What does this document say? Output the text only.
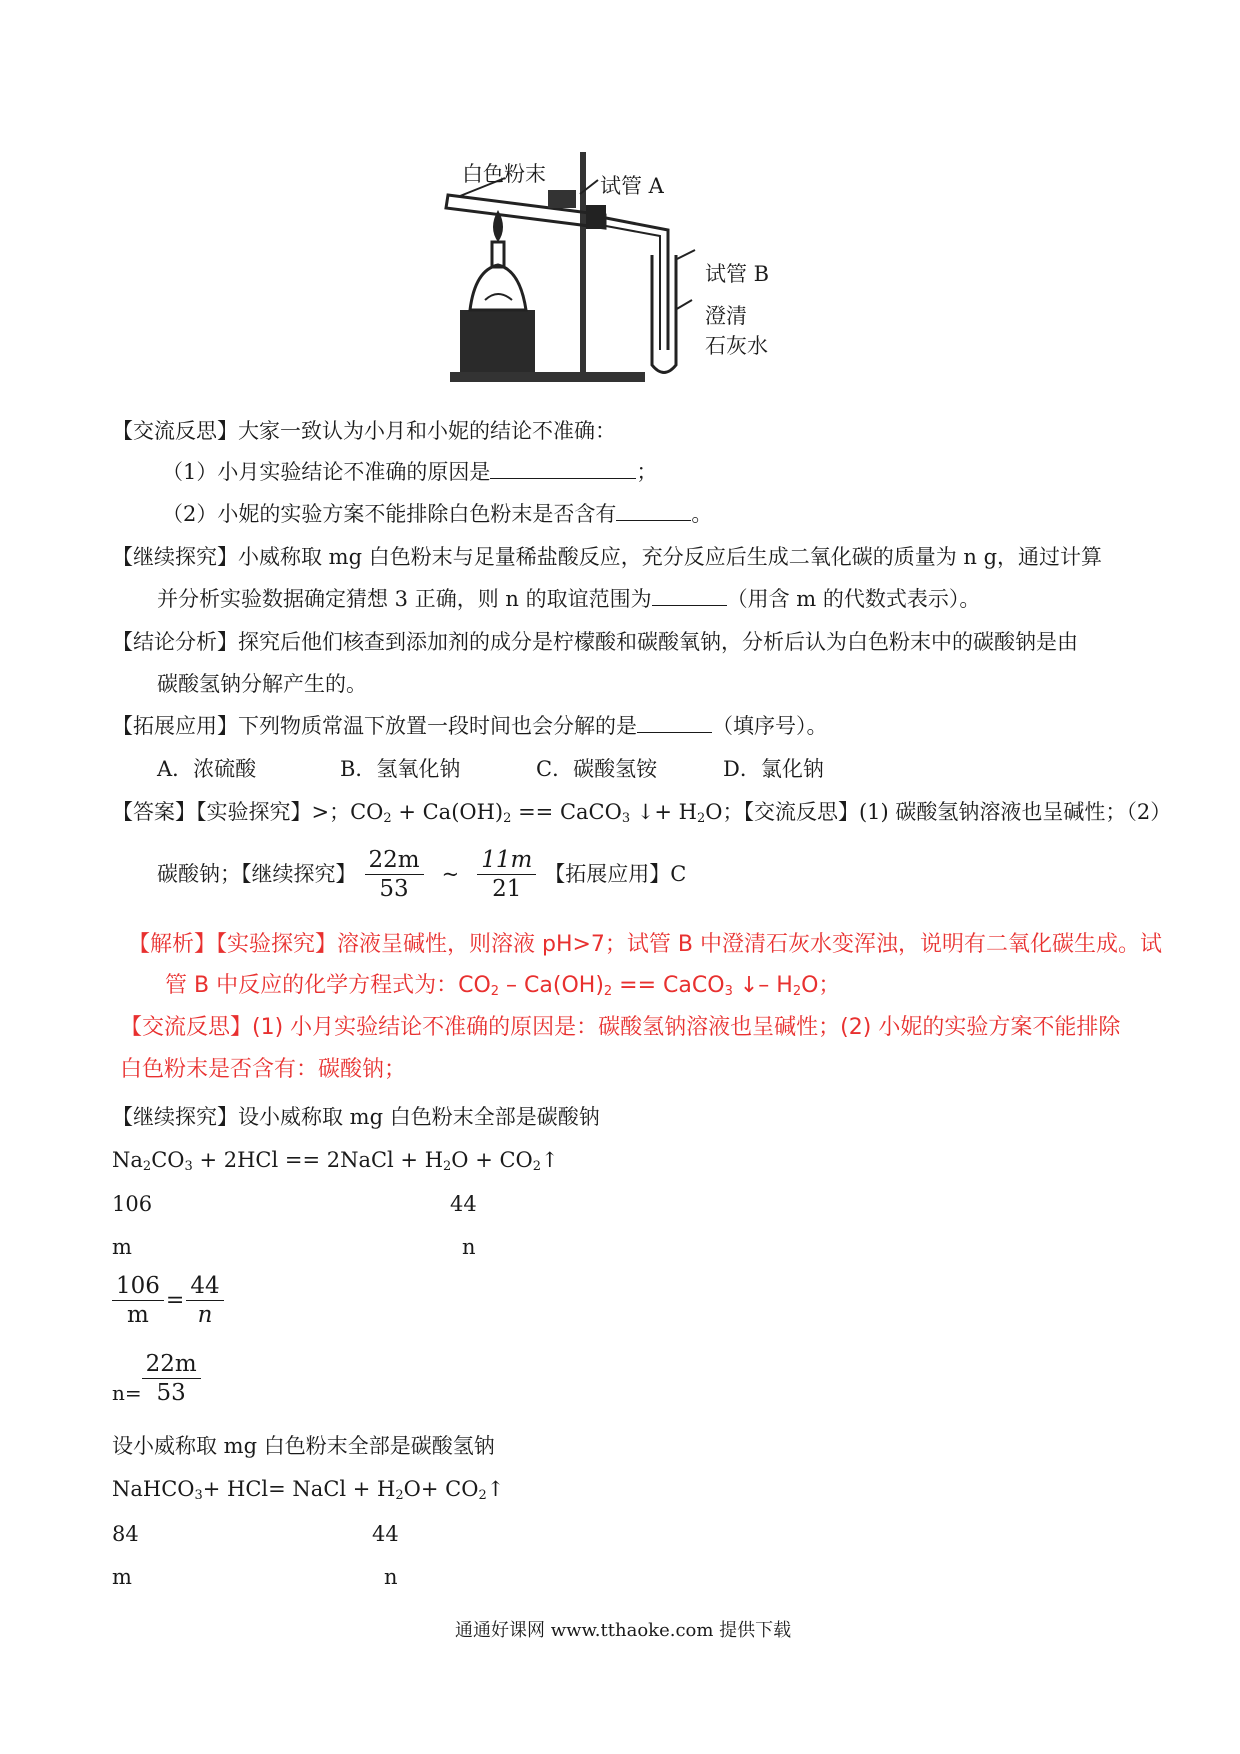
白色粉末	试管 A
试管 B
澄清
石灰水
【交流反思】大家一致认为小月和小妮的结论不准确：
（1）小月实验结论不准确的原因是	；
（2）小妮的实验方案不能排除白色粉末是否含有	。
【继续探究】小威称取 mg 白色粉末与足量稀盐酸反应，充分反应后生成二氧化碳的质量为 n g，通过计算
并分析实验数据确定猜想 3 正确，则 n 的取谊范围为	（用含 m 的代数式表示）。
【结论分析】探究后他们核查到添加剂的成分是柠檬酸和碳酸氧钠，分析后认为白色粉末中的碳酸钠是由
碳酸氢钠分解产生的。
【拓展应用】下列物质常温下放置一段时间也会分解的是	（填序号）。
A．浓硫酸	B．氢氧化钠	C．碳酸氢铵	D．氯化钠
【答案】【实验探究】>；$CO_2 + Ca(OH)_2$ == CaCO$_3$ ↓+ $H_2O$；【交流反思】(1) 碳酸氢钠溶液也呈碱性；（2）
碳酸钠；【继续探究】 $\frac{22m}{53}$ ~ $\frac{11m}{21}$ 【拓展应用】C
【解析】【实验探究】溶液呈碱性，则溶液 pH>7；试管 B 中澄清石灰水变浑浊，说明有二氧化碳生成。试
管 B 中反应的化学方程式为：$CO_2 - Ca(OH)_2$ == CaCO$_3$ ↓– $H_2O$；
【交流反思】(1) 小月实验结论不准确的原因是：碳酸氢钠溶液也呈碱性；(2) 小妮的实验方案不能排除
白色粉末是否含有：碳酸钠；
【继续探究】设小威称取 mg 白色粉末全部是碳酸钠
$Na_2CO_3 + 2HCl$ == 2NaCl + $H_2O$ + $CO_2↑$
106	44
m	n
$\frac{106}{m} = \frac{44}{n}$
$n= \frac{22m}{53}$
设小威称取 mg 白色粉末全部是碳酸氢钠
NaHCO$_3$+ HCl= NaCl + $H_2O+$ $CO_2↑$
84	44
m	n
通通好课网 www.tthaoke.com 提供下载
